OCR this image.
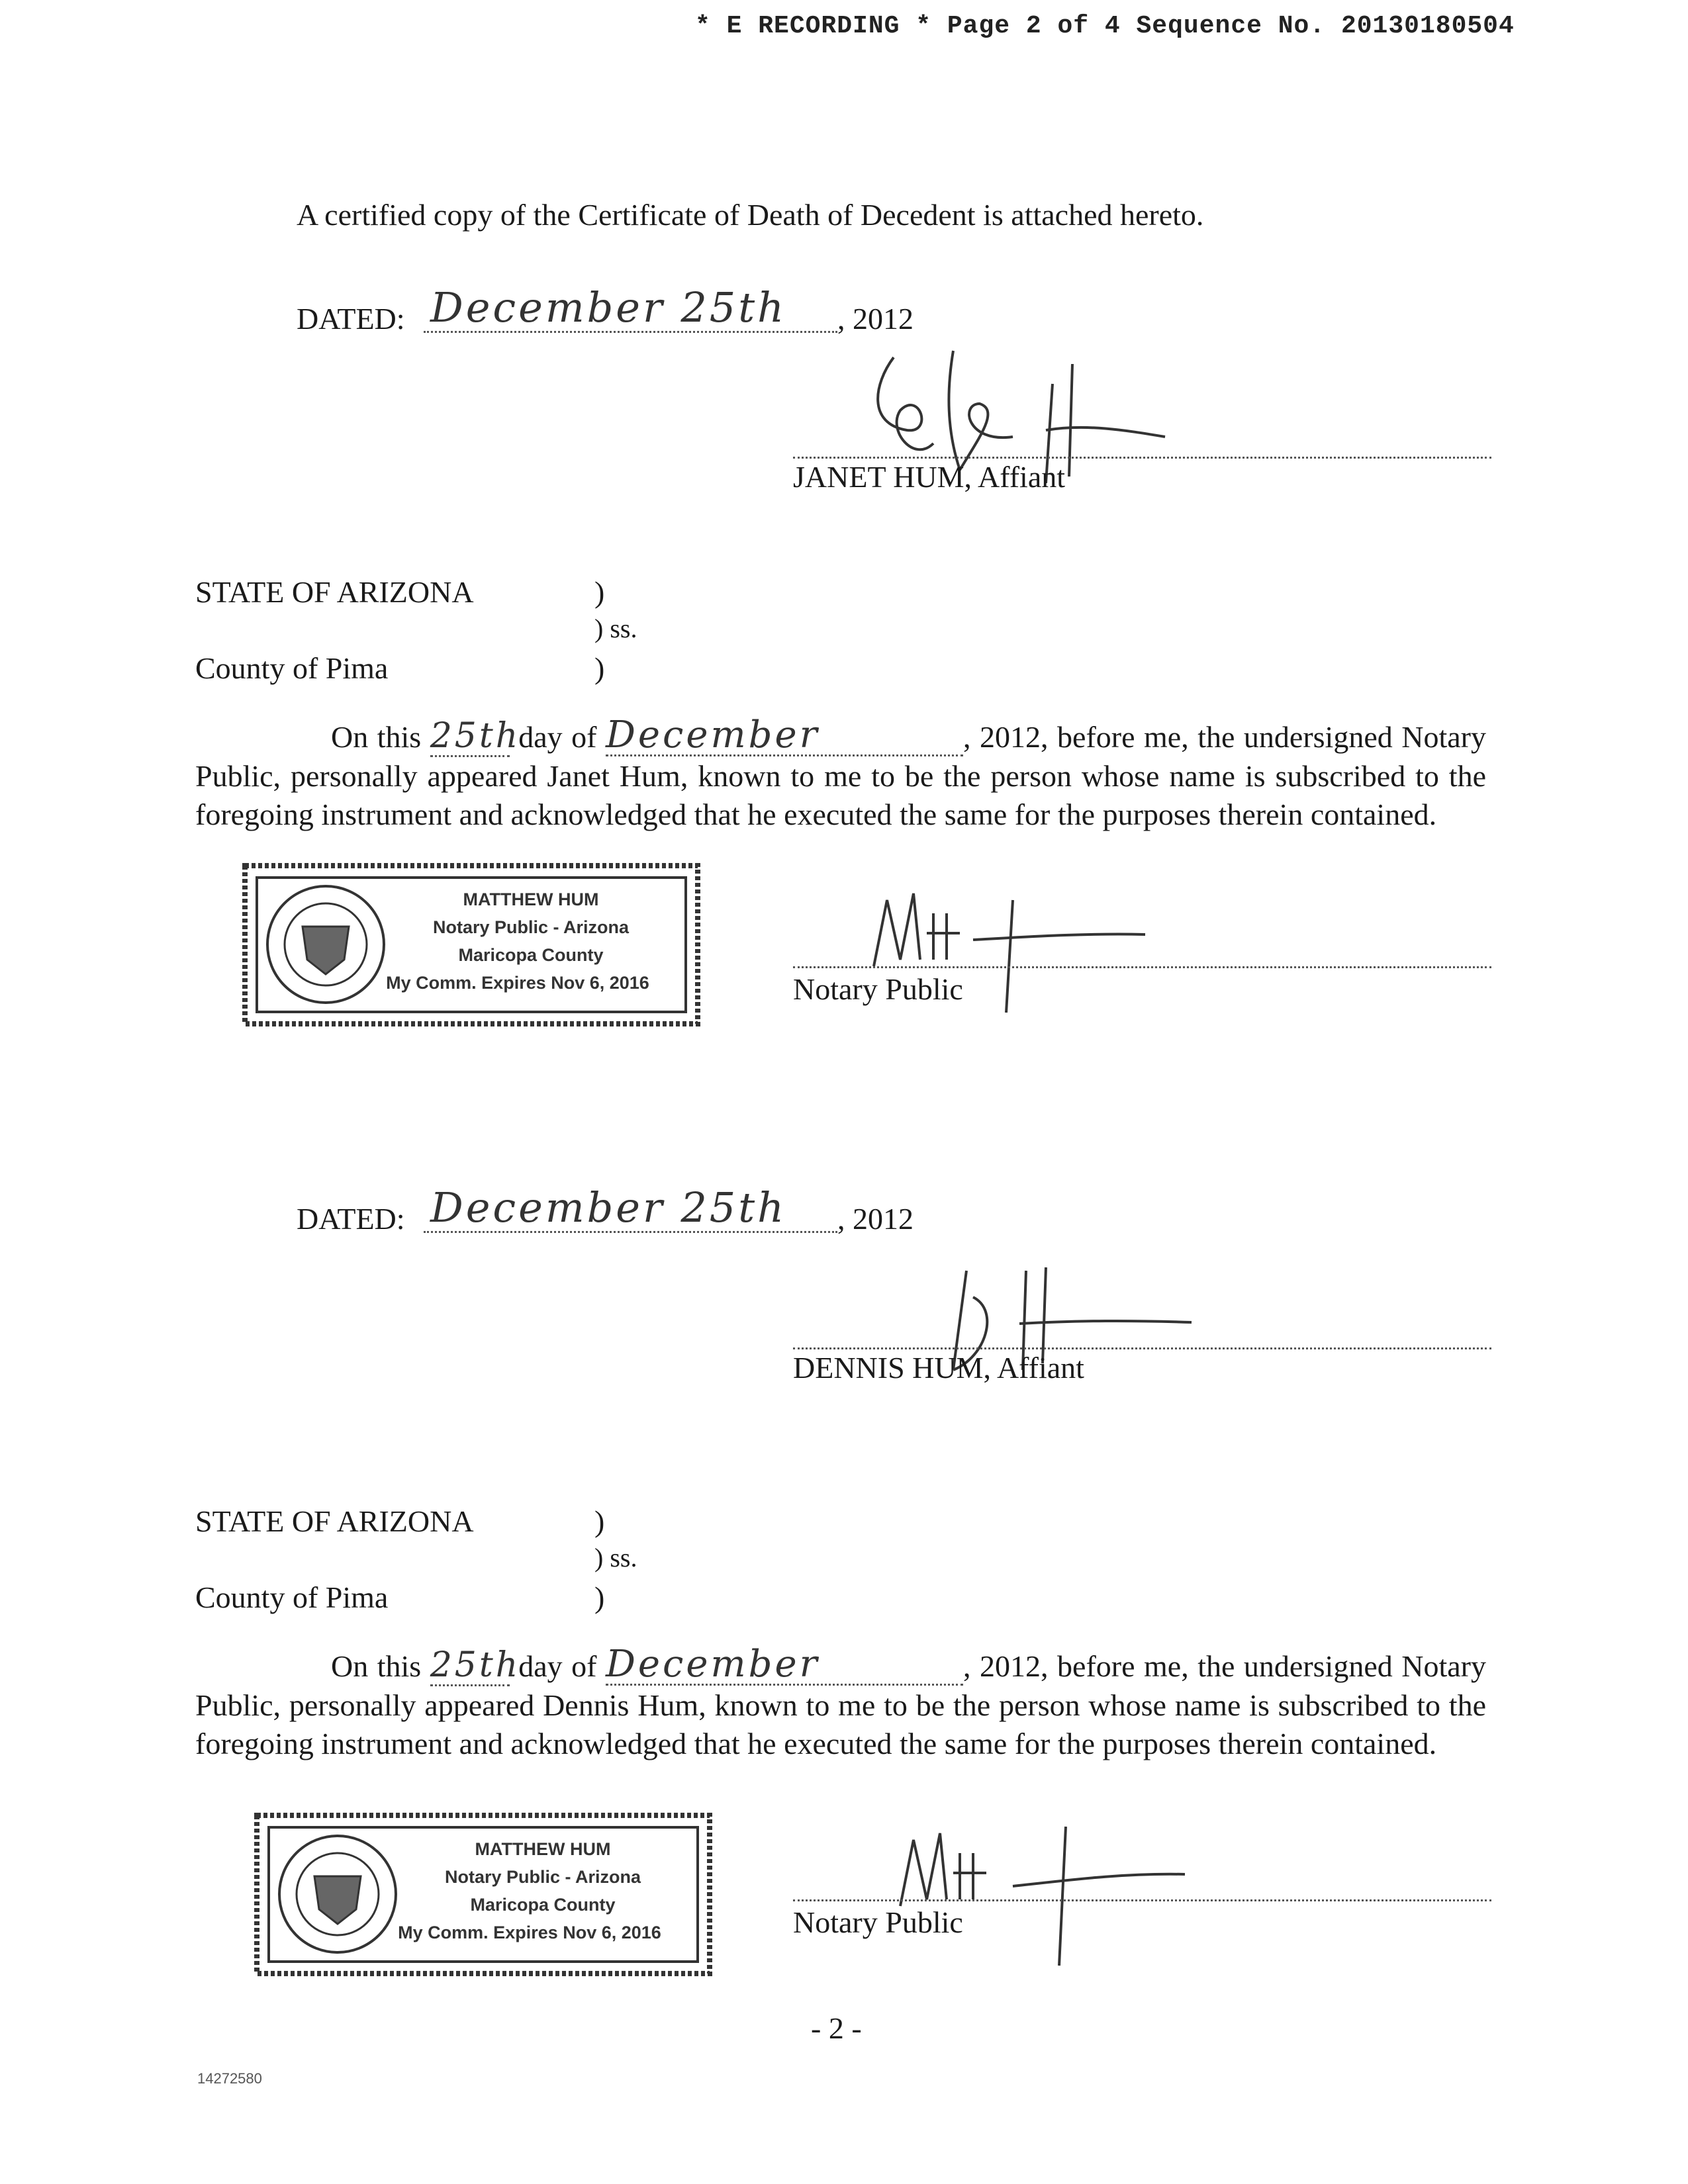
* E RECORDING * Page 2 of 4 Sequence No. 20130180504
A certified copy of the Certificate of Death of Decedent is attached hereto.
DATED: December 25th , 2012
JANET HUM, Affiant
STATE OF ARIZONA	)
) ss.
County of Pima	)
On this 25th day of December	, 2012, before me, the undersigned Notary Public, personally appeared Janet Hum, known to me to be the person whose name is subscribed to the foregoing instrument and acknowledged that he executed the same for the purposes therein contained.
MATTHEW HUM
Notary Public - Arizona
Maricopa County
My Comm. Expires Nov 6, 2016	Notary Public
DATED: December 25th , 2012
DENNIS HUM, Affiant
STATE OF ARIZONA	)
) ss.
County of Pima	)
On this 25th day of December	, 2012, before me, the undersigned Notary Public, personally appeared Dennis Hum, known to me to be the person whose name is subscribed to the foregoing instrument and acknowledged that he executed the same for the purposes therein contained.
MATTHEW HUM
Notary Public - Arizona
Maricopa County
My Comm. Expires Nov 6, 2016	Notary Public
- 2 -
14272580
